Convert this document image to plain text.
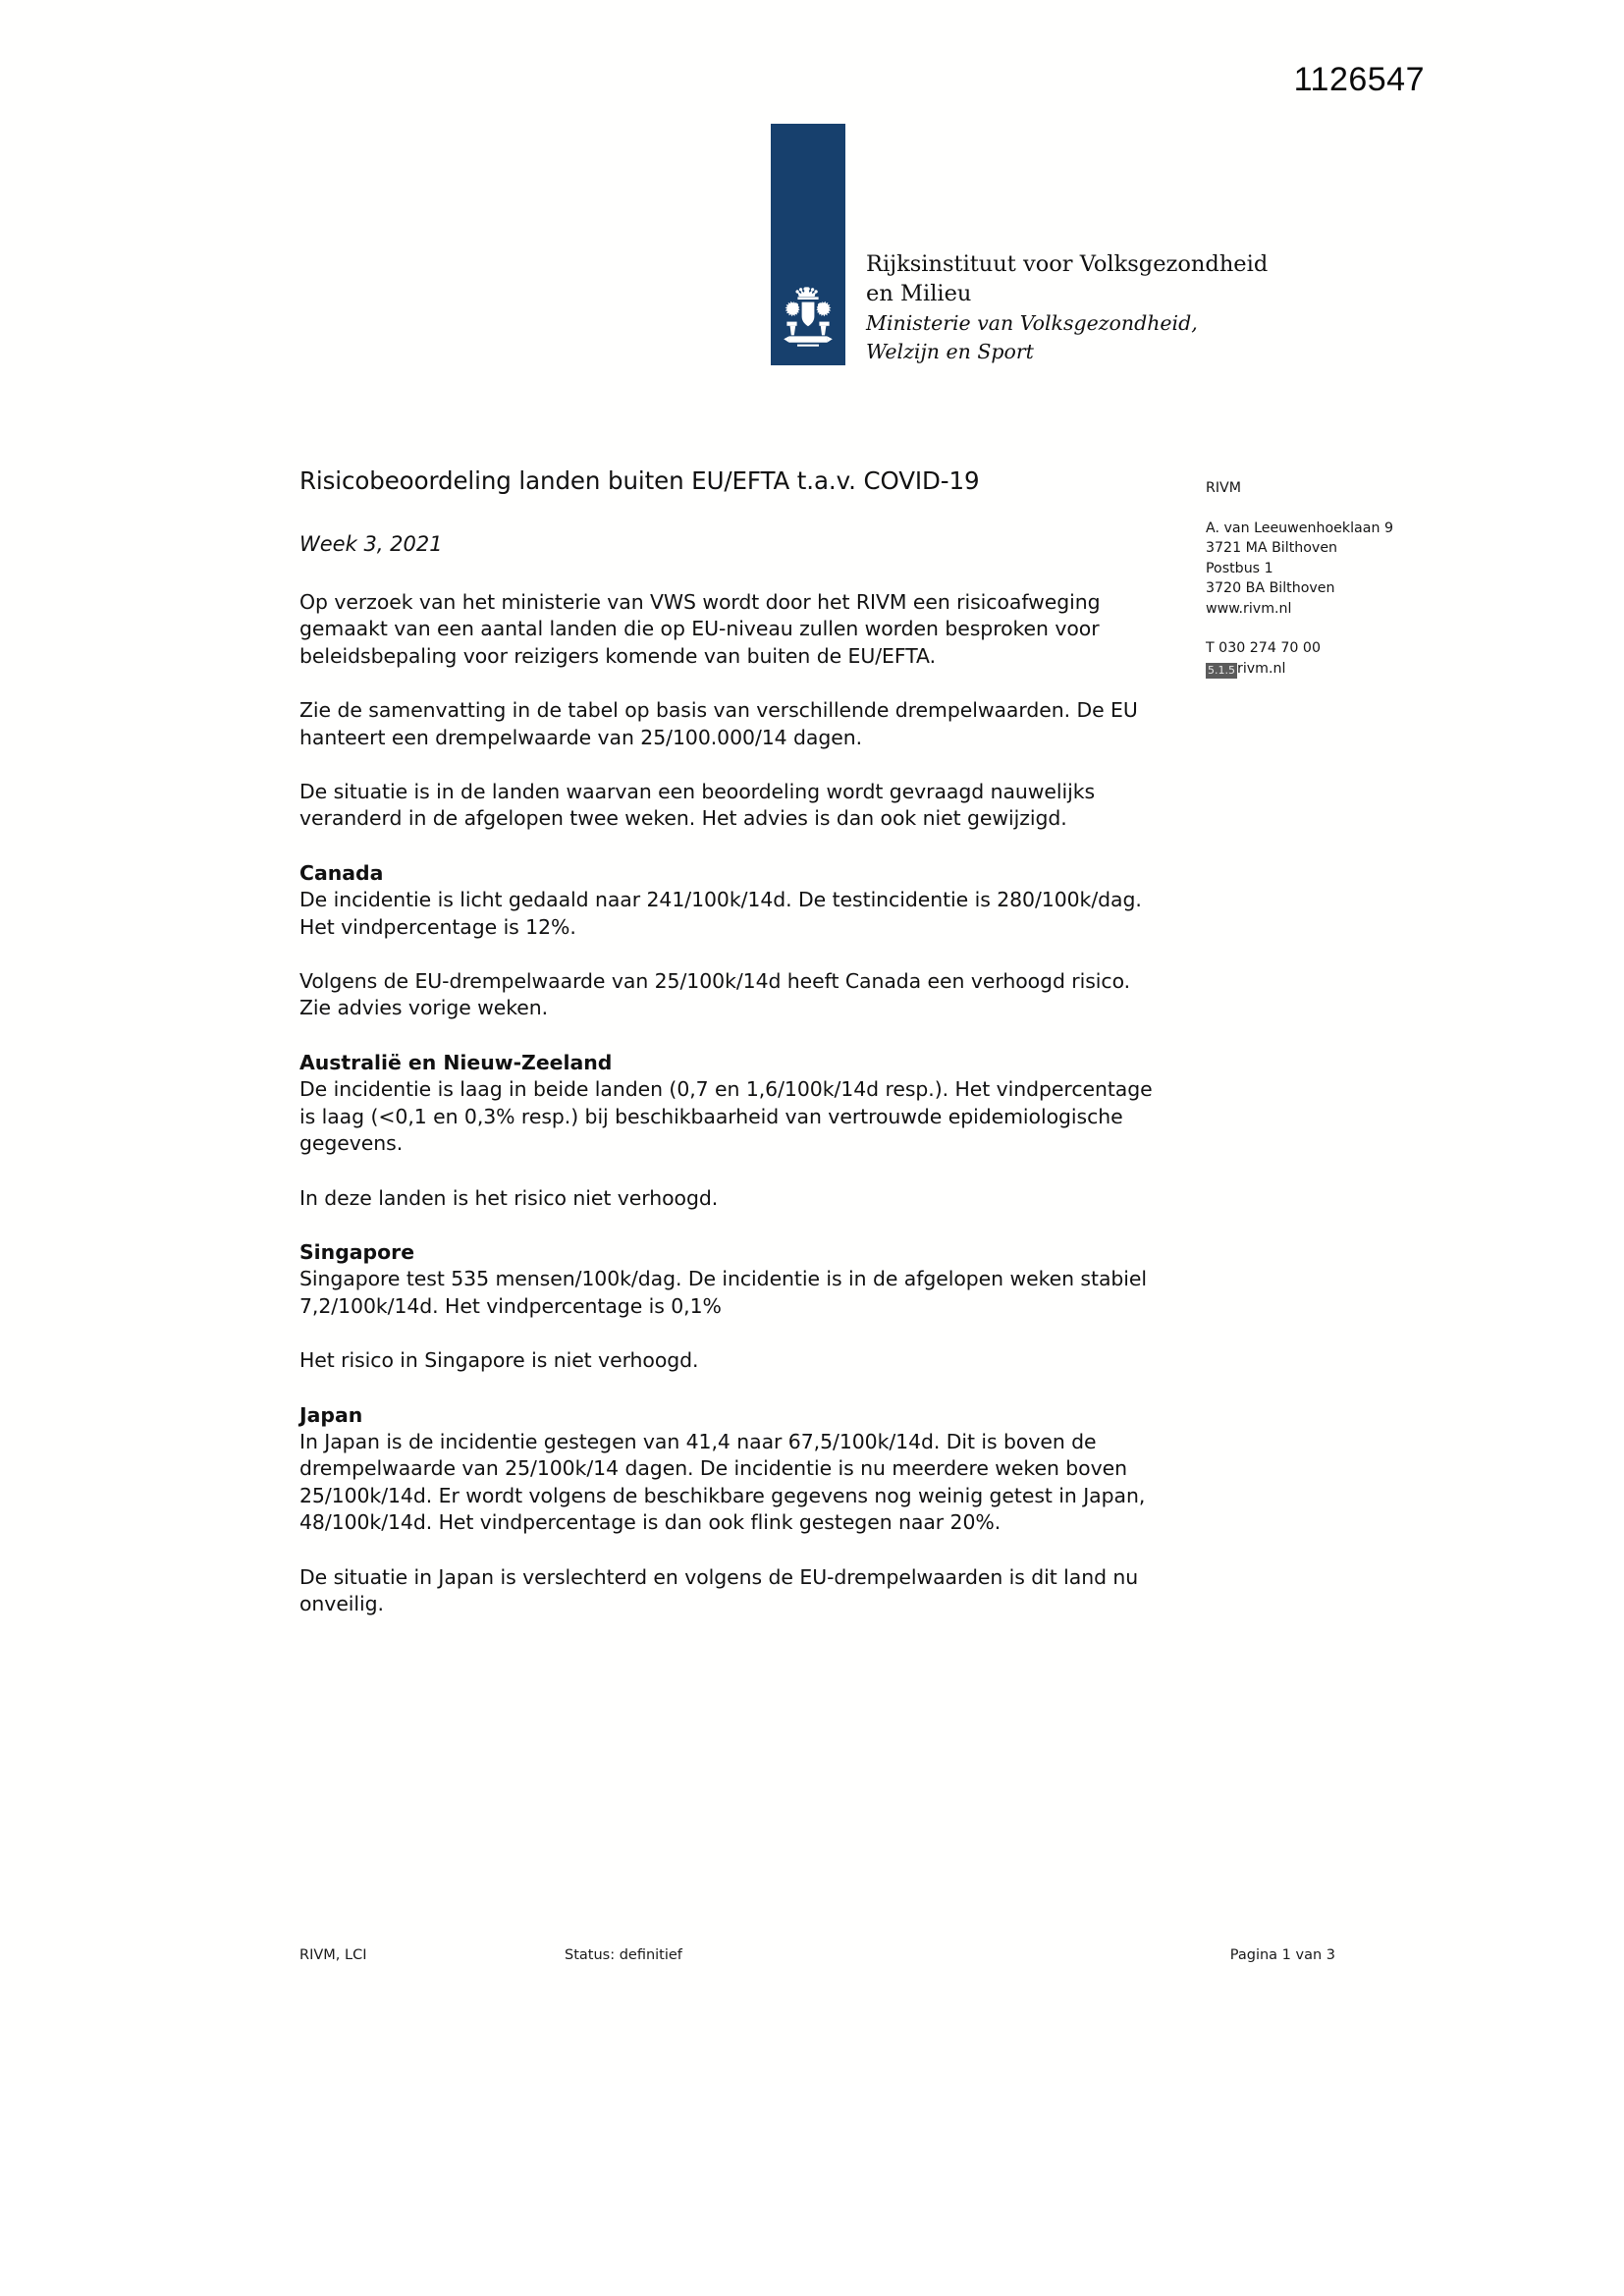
1126547
Rijksinstituut voor Volksgezondheid
en Milieu
Ministerie van Volksgezondheid,
Welzijn en Sport
RIVM
A. van Leeuwenhoeklaan 9
3721 MA Bilthoven
Postbus 1
3720 BA Bilthoven
www.rivm.nl
T 030 274 70 00
5.1.5 rivm.nl
Risicobeoordeling landen buiten EU/EFTA t.a.v. COVID-19
Week 3, 2021

Op verzoek van het ministerie van VWS wordt door het RIVM een risicoafweging gemaakt van een aantal landen die op EU-niveau zullen worden besproken voor beleidsbepaling voor reizigers komende van buiten de EU/EFTA.

Zie de samenvatting in de tabel op basis van verschillende drempelwaarden. De EU hanteert een drempelwaarde van 25/100.000/14 dagen.

De situatie is in de landen waarvan een beoordeling wordt gevraagd nauwelijks veranderd in de afgelopen twee weken. Het advies is dan ook niet gewijzigd.

Canada

De incidentie is licht gedaald naar 241/100k/14d. De testincidentie is 280/100k/dag. Het vindpercentage is 12%.

Volgens de EU-drempelwaarde van 25/100k/14d heeft Canada een verhoogd risico. Zie advies vorige weken.

Australië en Nieuw-Zeeland

De incidentie is laag in beide landen (0,7 en 1,6/100k/14d resp.). Het vindpercentage is laag (<0,1 en 0,3% resp.) bij beschikbaarheid van vertrouwde epidemiologische gegevens.

In deze landen is het risico niet verhoogd.

Singapore

Singapore test 535 mensen/100k/dag. De incidentie is in de afgelopen weken stabiel 7,2/100k/14d. Het vindpercentage is 0,1%

Het risico in Singapore is niet verhoogd.

Japan

In Japan is de incidentie gestegen van 41,4 naar 67,5/100k/14d. Dit is boven de drempelwaarde van 25/100k/14 dagen. De incidentie is nu meerdere weken boven 25/100k/14d. Er wordt volgens de beschikbare gegevens nog weinig getest in Japan, 48/100k/14d. Het vindpercentage is dan ook flink gestegen naar 20%.

De situatie in Japan is verslechterd en volgens de EU-drempelwaarden is dit land nu onveilig.

RIVM, LCI	Status: definitief	Pagina 1 van 3
